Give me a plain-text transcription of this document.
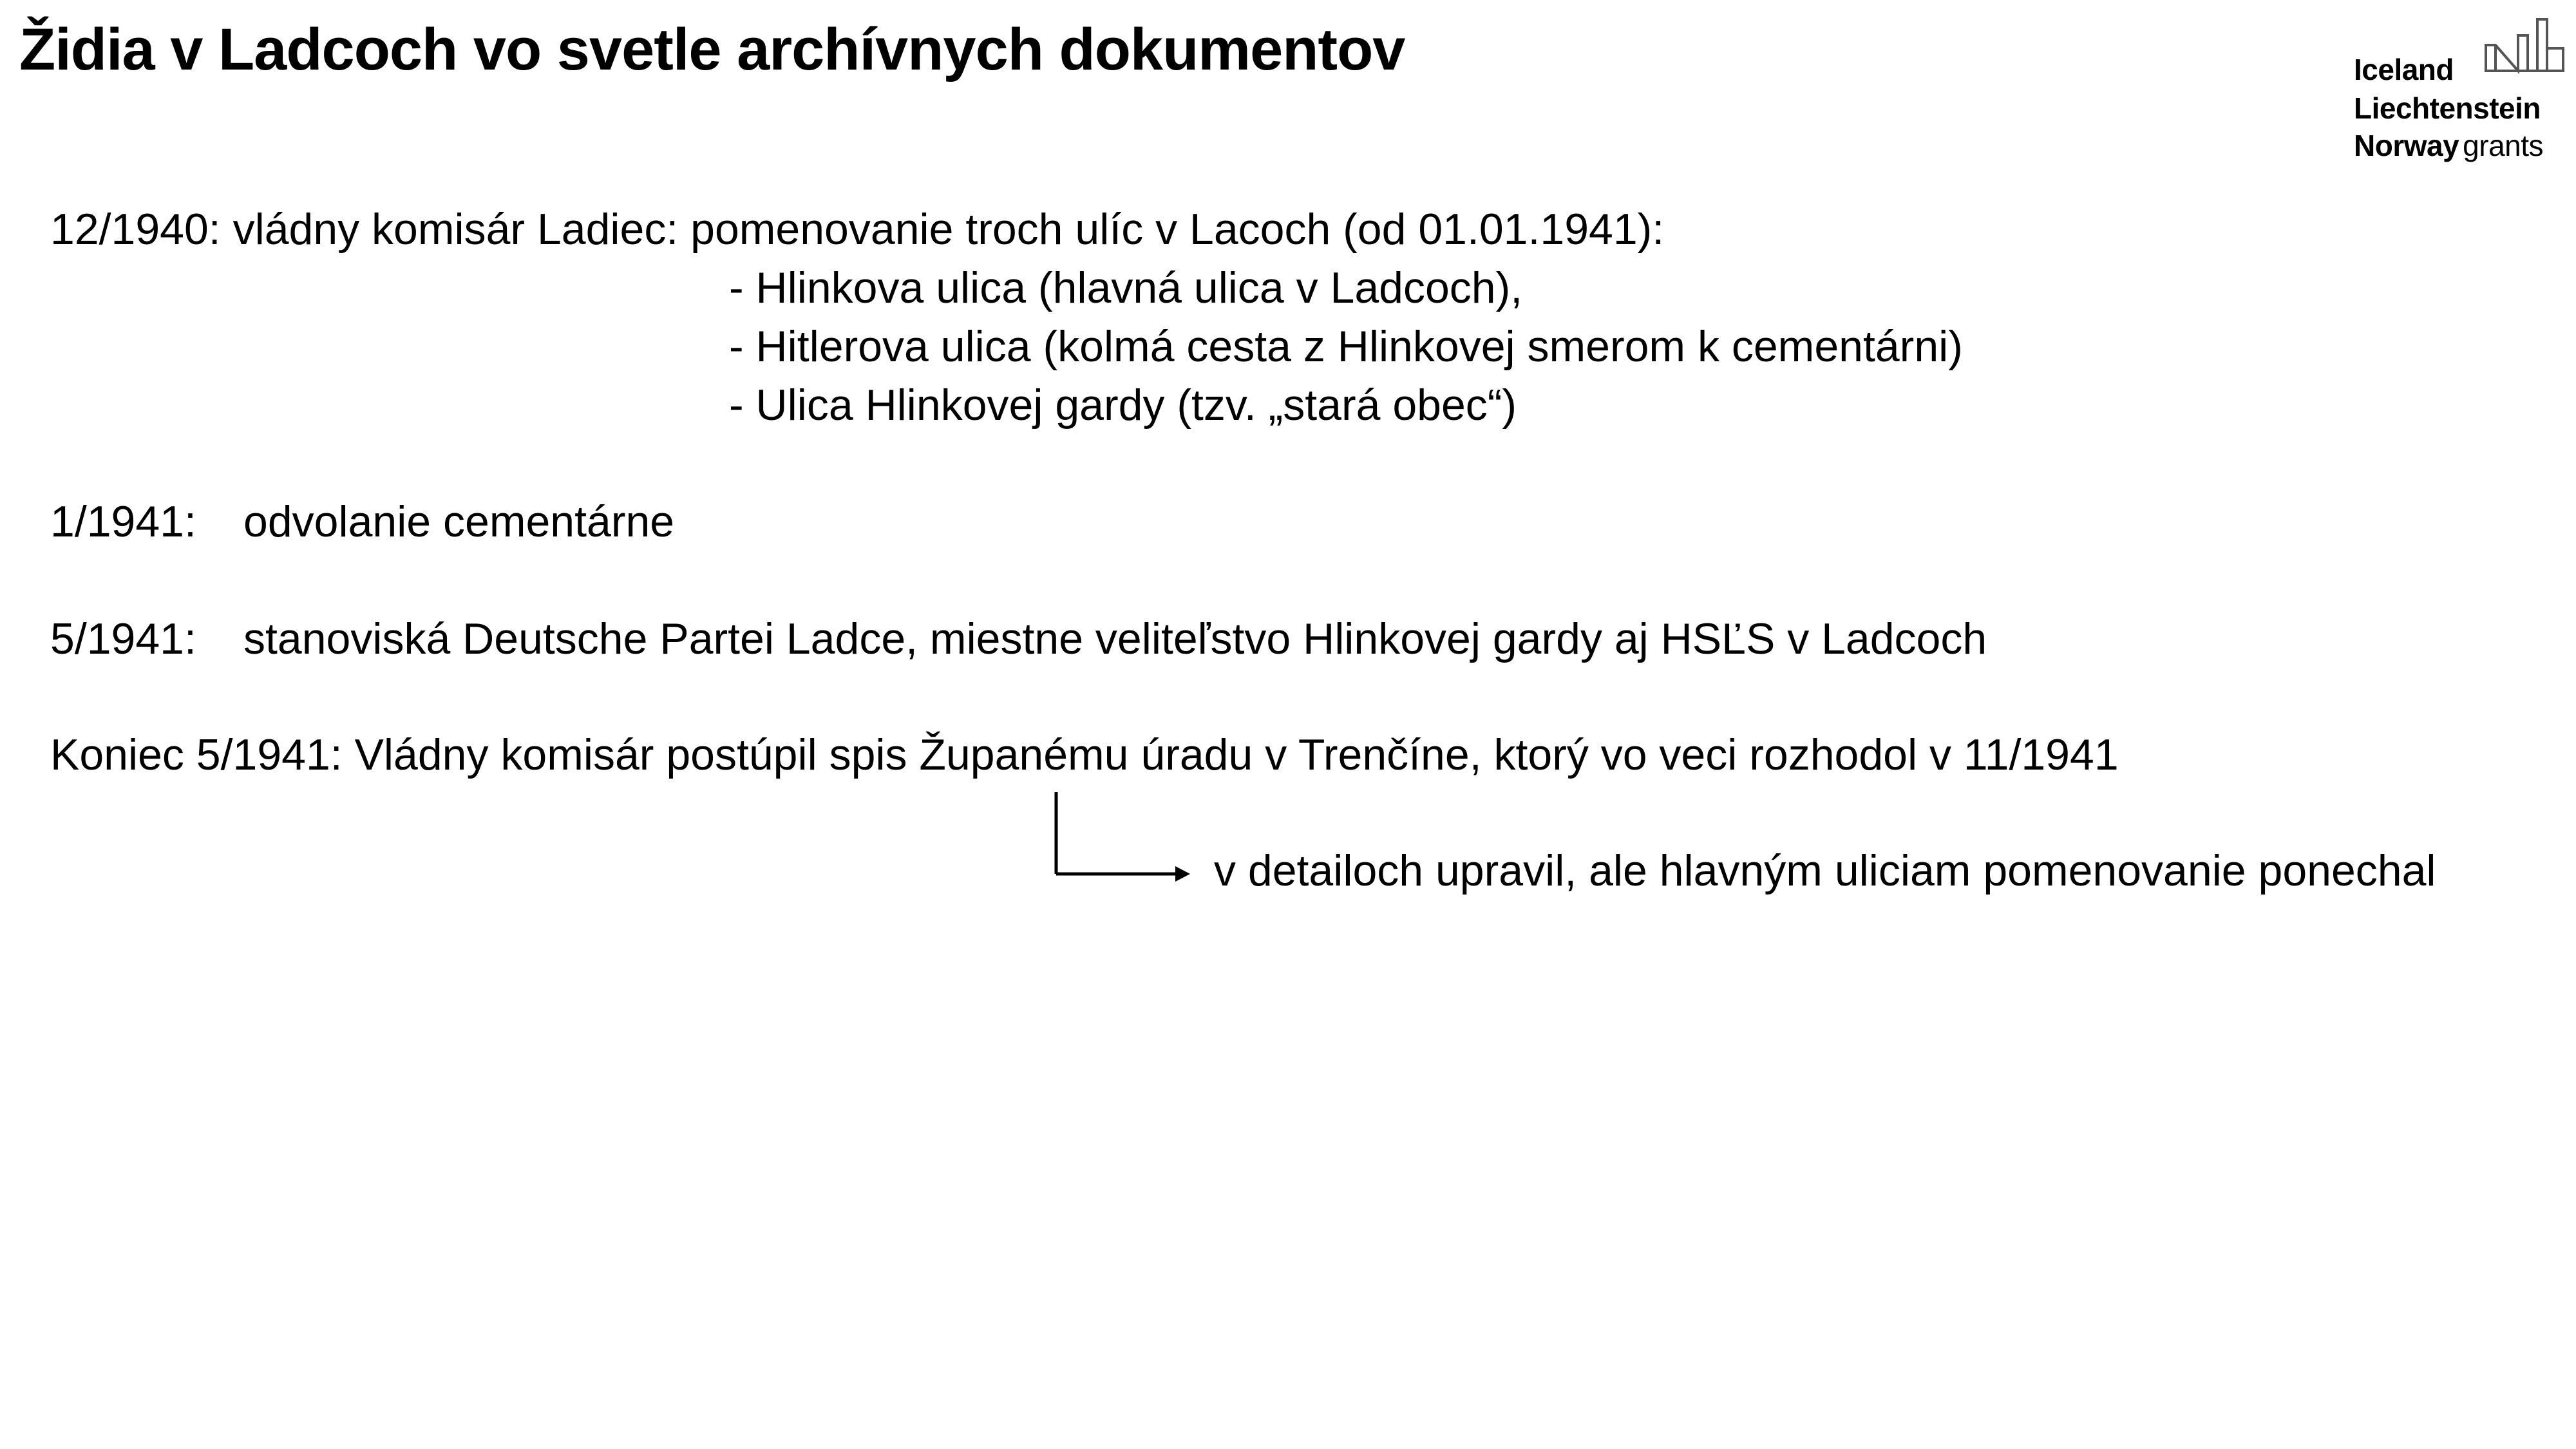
Židia v Ladcoch vo svetle archívnych dokumentov	Iceland
Liechtenstein
Norway grants
12/1940: vládny komisár Ladiec: pomenovanie troch ulíc v Lacoch (od 01.01.1941):
- Hlinkova ulica (hlavná ulica v Ladcoch),
- Hitlerova ulica (kolmá cesta z Hlinkovej smerom k cementárni)
- Ulica Hlinkovej gardy (tzv. „stará obec“)
1/1941: odvolanie cementárne
5/1941: stanoviská Deutsche Partei Ladce, miestne veliteľstvo Hlinkovej gardy aj HSĽS v Ladcoch
Koniec 5/1941: Vládny komisár postúpil spis Županému úradu v Trenčíne, ktorý vo veci rozhodol v 11/1941
v detailoch upravil, ale hlavným uliciam pomenovanie ponechal
